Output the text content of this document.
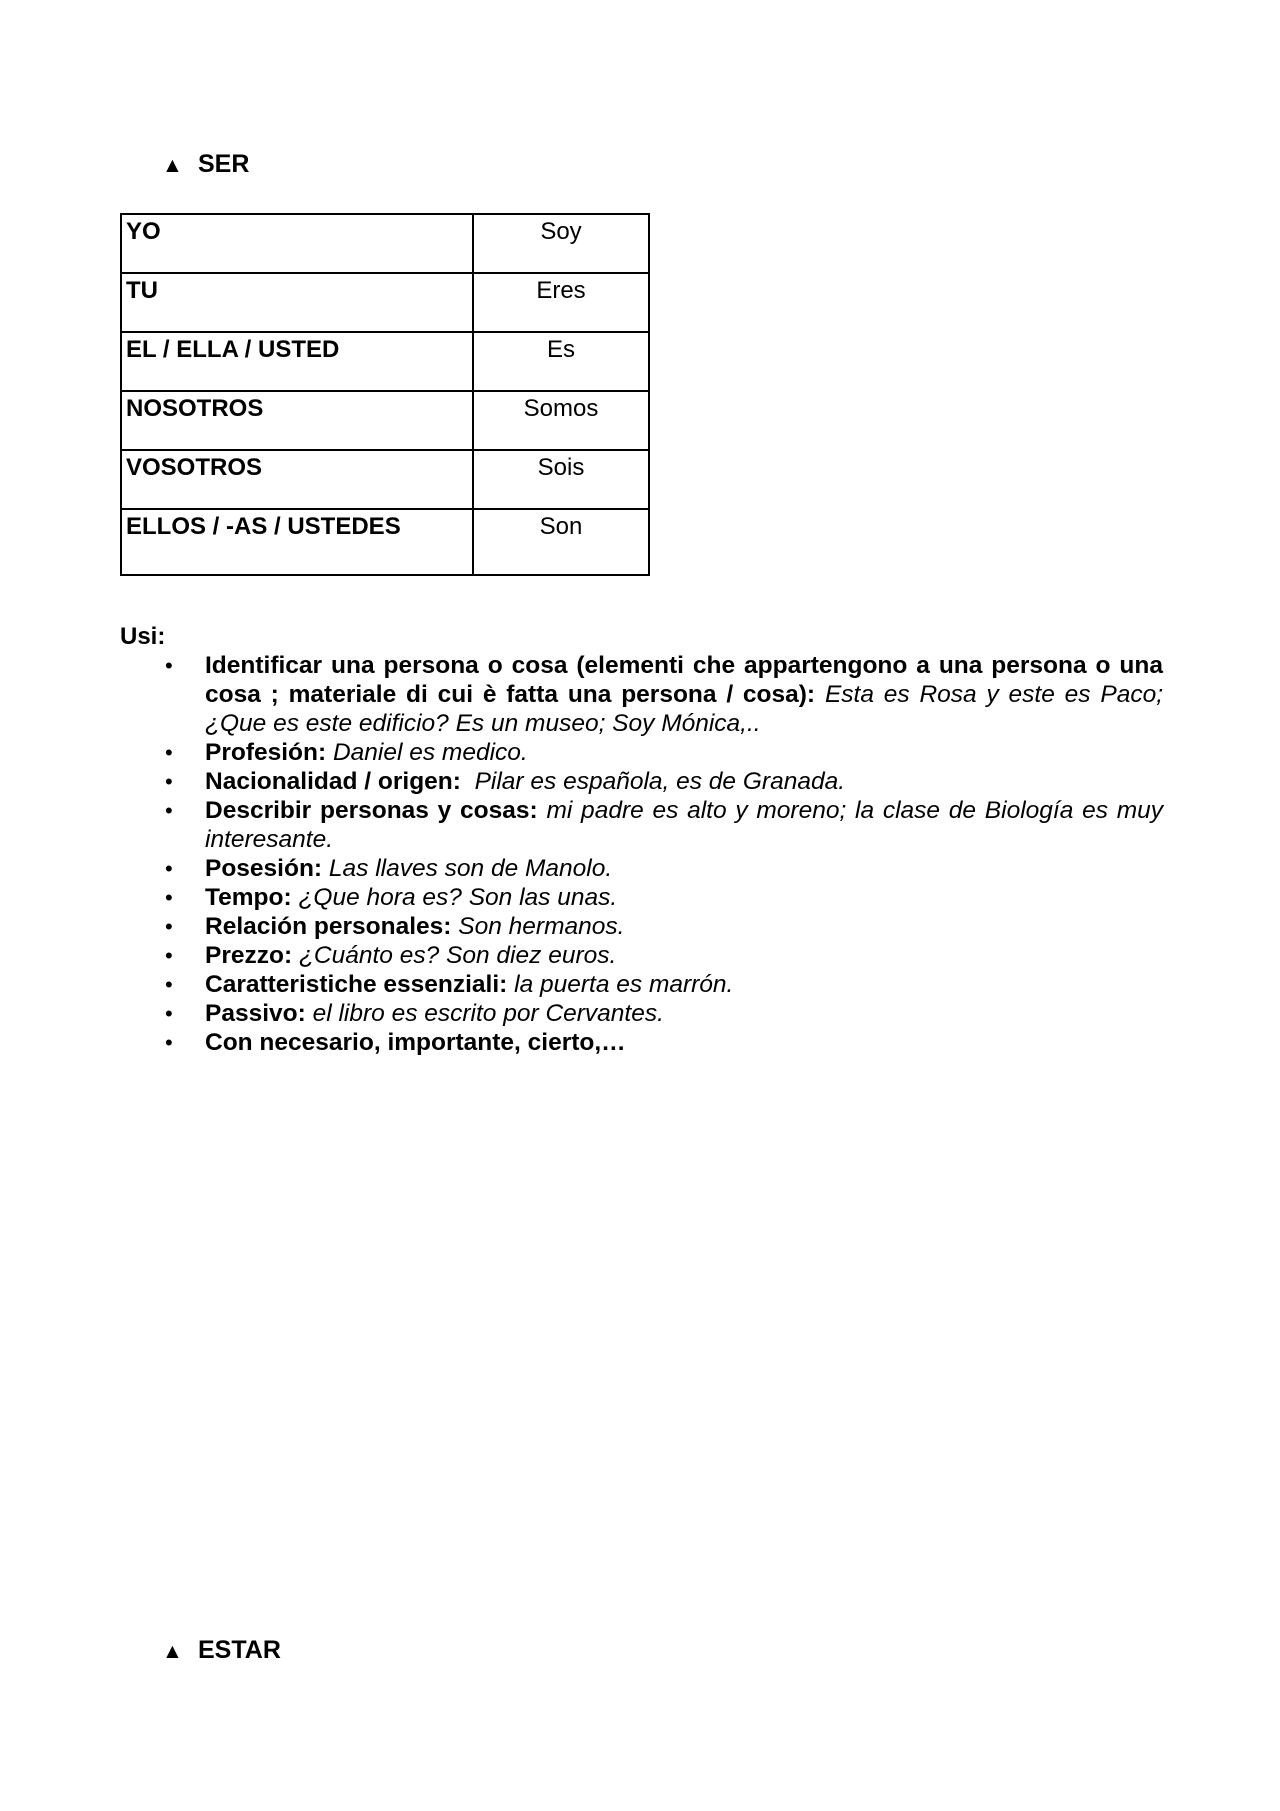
▲ SER
YO	Soy
TU	Eres
EL / ELLA / USTED	Es
NOSOTROS	Somos
VOSOTROS	Sois
ELLOS / -AS / USTEDES	Son
Usi:
• Identificar una persona o cosa (elementi che appartengono a una persona o una cosa ; materiale di cui è fatta una persona / cosa): Esta es Rosa y este es Paco; ¿Que es este edificio? Es un museo; Soy Mónica,..
• Profesión: Daniel es medico.
• Nacionalidad / origen: Pilar es española, es de Granada.
• Describir personas y cosas: mi padre es alto y moreno; la clase de Biología es muy interesante.
• Posesión: Las llaves son de Manolo.
• Tempo: ¿Que hora es? Son las unas.
• Relación personales: Son hermanos.
• Prezzo: ¿Cuánto es? Son diez euros.
• Caratteristiche essenziali: la puerta es marrón.
• Passivo: el libro es escrito por Cervantes.
• Con necesario, importante, cierto,…
▲ ESTAR
